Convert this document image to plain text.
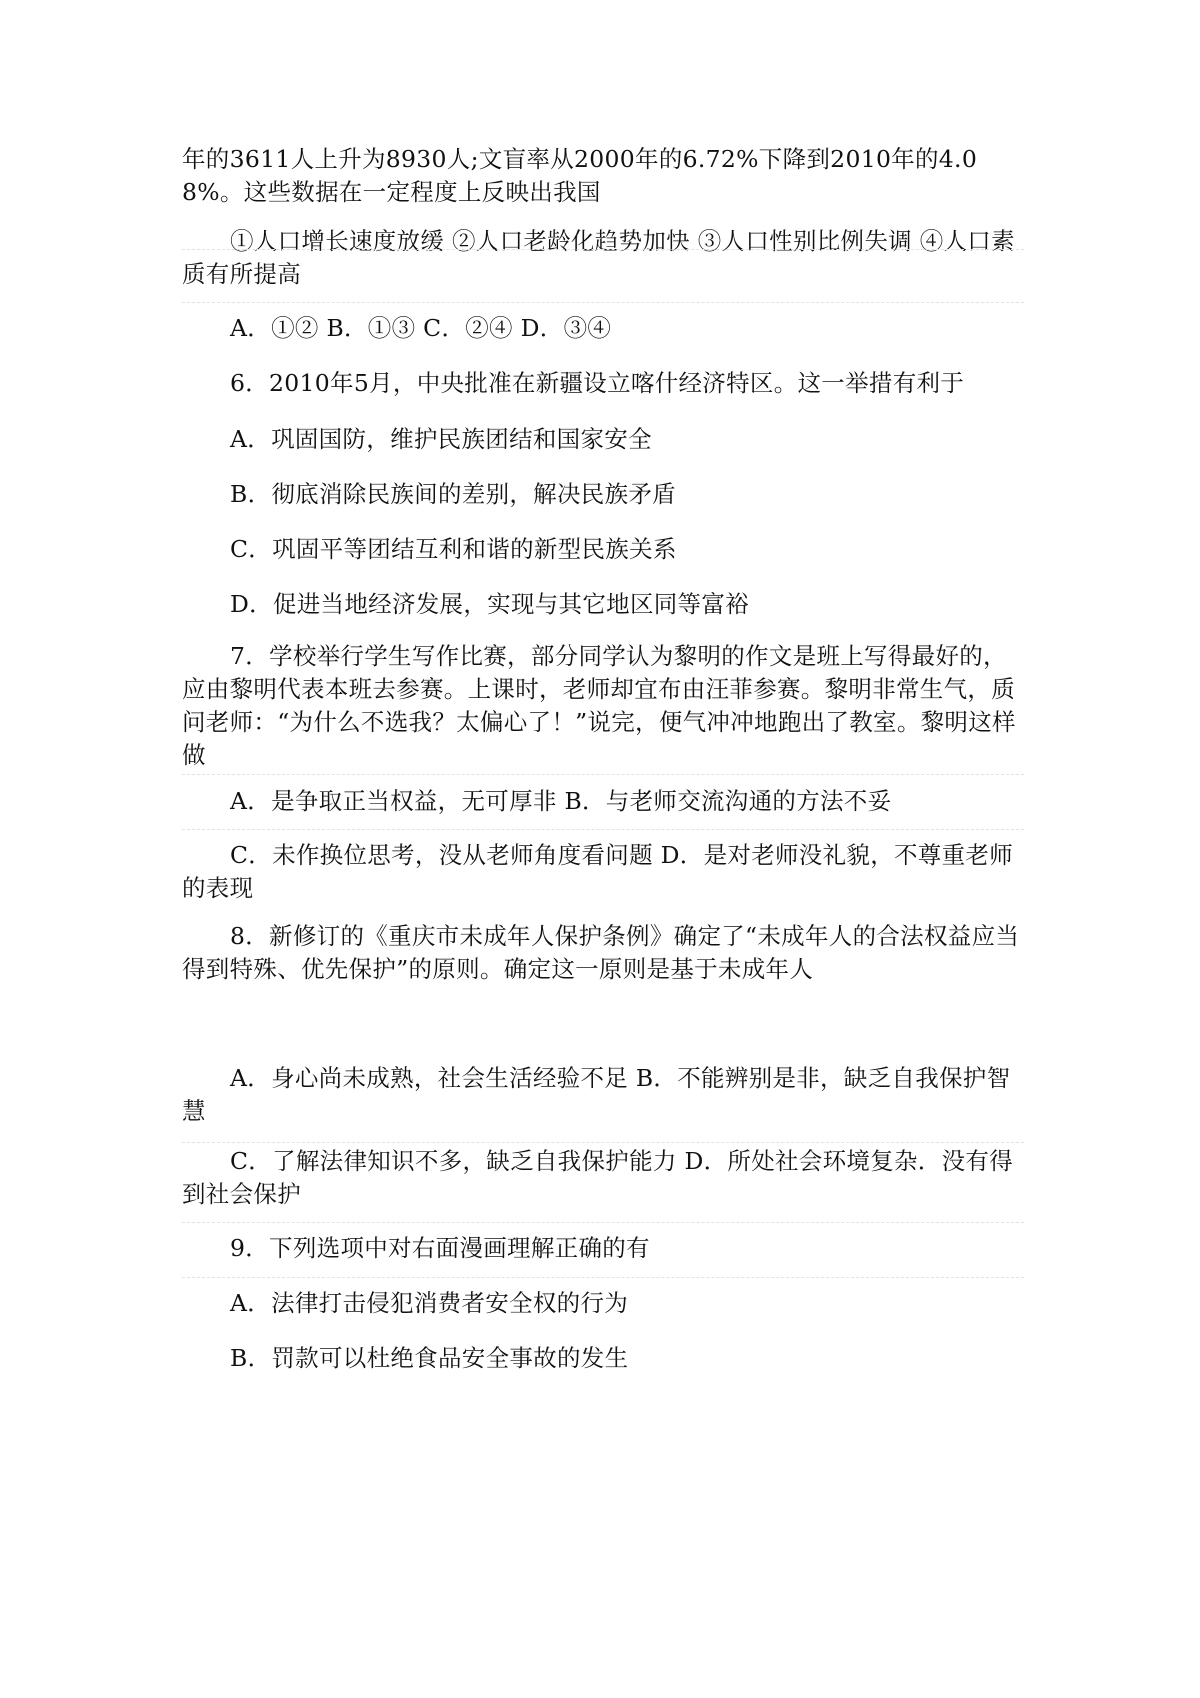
年的3611人上升为8930人;文盲率从2000年的6.72%下降到2010年的4.08%。这些数据在一定程度上反映出我国

①人口增长速度放缓 ②人口老龄化趋势加快 ③人口性别比例失调 ④人口素质有所提高

A．①② B．①③ C．②④ D．③④

6．2010年5月，中央批准在新疆设立喀什经济特区。这一举措有利于

A．巩固国防，维护民族团结和国家安全

B．彻底消除民族间的差别，解决民族矛盾

C．巩固平等团结互利和谐的新型民族关系

D．促进当地经济发展，实现与其它地区同等富裕

7．学校举行学生写作比赛，部分同学认为黎明的作文是班上写得最好的，应由黎明代表本班去参赛。上课时，老师却宜布由汪菲参赛。黎明非常生气，质问老师：“为什么不选我？太偏心了！”说完，便气冲冲地跑出了教室。黎明这样做

A．是争取正当权益，无可厚非 B．与老师交流沟通的方法不妥

C．未作换位思考，没从老师角度看问题 D．是对老师没礼貌，不尊重老师的表现

8．新修订的《重庆市未成年人保护条例》确定了“未成年人的合法权益应当得到特殊、优先保护”的原则。确定这一原则是基于未成年人

A．身心尚未成熟，社会生活经验不足 B．不能辨别是非，缺乏自我保护智慧

C．了解法律知识不多，缺乏自我保护能力 D．所处社会环境复杂．没有得到社会保护

9．下列选项中对右面漫画理解正确的有

A．法律打击侵犯消费者安全权的行为

B．罚款可以杜绝食品安全事故的发生
